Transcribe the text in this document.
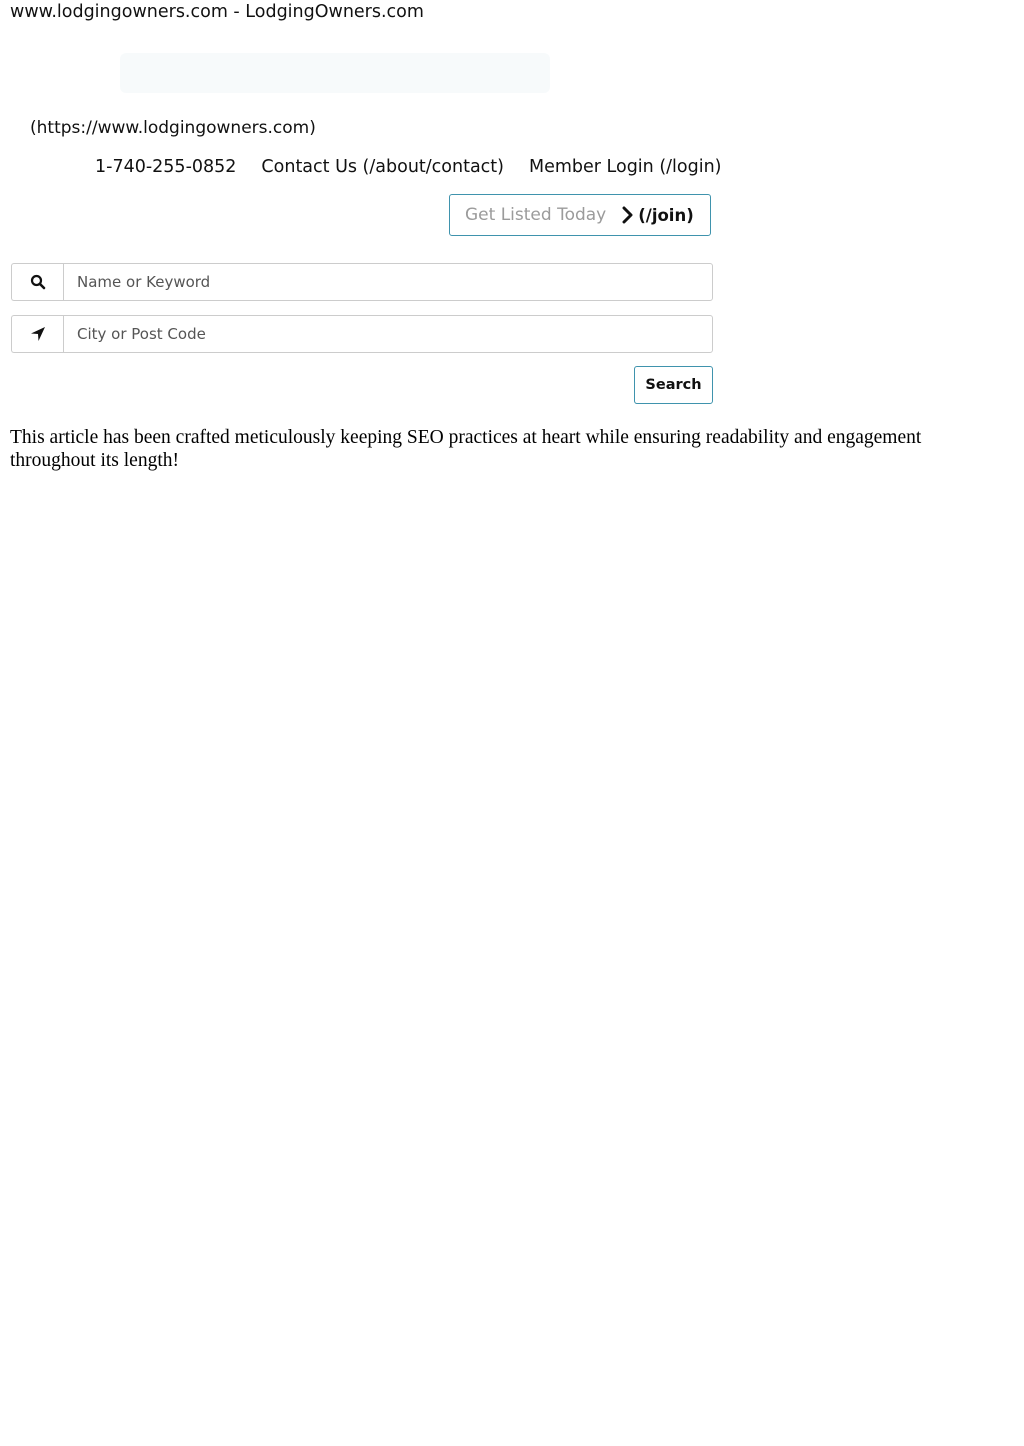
www.lodgingowners.com - LodgingOwners.com
(https://www.lodgingowners.com)
1-740-255-0852 Contact Us (/about/contact) Member Login (/login)
Get Listed Today (/join)
Name or Keyword
City or Post Code
Search

This article has been crafted meticulously keeping SEO practices at heart while ensuring readability and engagement throughout its length!
